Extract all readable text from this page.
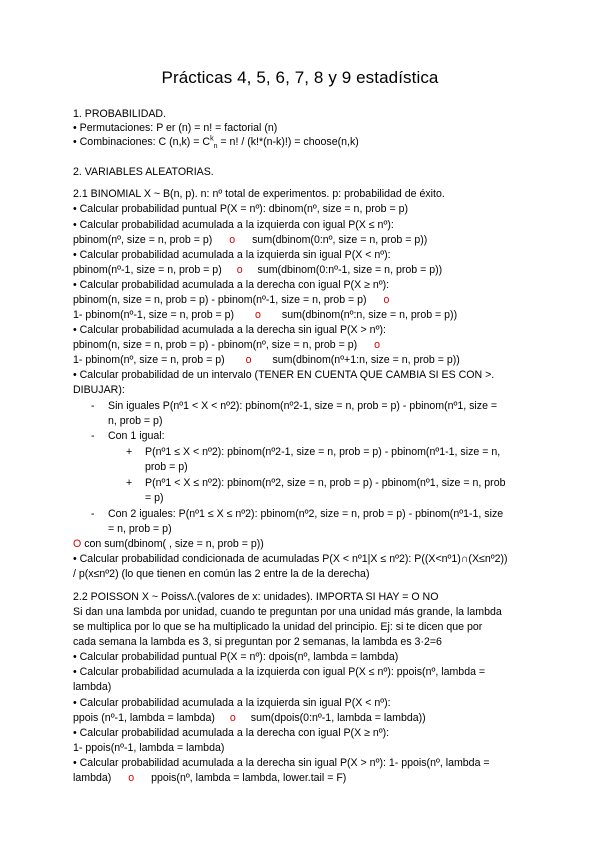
Prácticas 4, 5, 6, 7, 8 y 9 estadística
1. PROBABILIDAD.
• Permutaciones: P er (n) = n! = factorial (n)
• Combinaciones: C $(n,k) = C^k_n = n$! / (k!*(n-k)!) = choose(n,k)
2. VARIABLES ALEATORIAS.
2.1 BINOMIAL X ~ B(n, p). n: nº total de experimentos. p: probabilidad de éxito.
• Calcular probabilidad puntual P(X = nº): dbinom(nº, size = n, prob = p)
• Calcular probabilidad acumulada a la izquierda con igual P(X ≤ nº):
pbinom(nº, size = n, prob = p) o sum(dbinom(0:nº, size = n, prob = p))
• Calcular probabilidad acumulada a la izquierda sin igual P(X < nº):
pbinom(nº-1, size = n, prob = p) o sum(dbinom(0:nº-1, size = n, prob = p))
• Calcular probabilidad acumulada a la derecha con igual P(X ≥ nº):
pbinom(n, size = n, prob = p) - pbinom(nº-1, size = n, prob = p) o
1- pbinom(nº-1, size = n, prob = p) o sum(dbinom(nº:n, size = n, prob = p))
• Calcular probabilidad acumulada a la derecha sin igual P(X > nº):
pbinom(n, size = n, prob = p) - pbinom(nº, size = n, prob = p) o
1- pbinom(nº, size = n, prob = p) o sum(dbinom(nº+1:n, size = n, prob = p))
• Calcular probabilidad de un intervalo (TENER EN CUENTA QUE CAMBIA SI ES CON >.
DIBUJAR):
- Sin iguales P(nº1 < X < nº2): pbinom(nº2-1, size = n, prob = p) - pbinom(nº1, size =
n, prob = p)
- Con 1 igual:
+ P(nº1 ≤ X < nº2): pbinom(nº2-1, size = n, prob = p) - pbinom(nº1-1, size = n,
prob = p)
+ P(nº1 < X ≤ nº2): pbinom(nº2, size = n, prob = p) - pbinom(nº1, size = n, prob
= p)
- Con 2 iguales: P(nº1 ≤ X ≤ nº2): pbinom(nº2, size = n, prob = p) - pbinom(nº1-1, size
= n, prob = p)
O con sum(dbinom( , size = n, prob = p))
• Calcular probabilidad condicionada de acumuladas P(X < nº1|X ≤ nº2): P((X<nº1)∩(X≤nº2))
/ p(x≤nº2) (lo que tienen en común las 2 entre la de la derecha)
2.2 POISSON X ~ PoissΛ.(valores de x: unidades). IMPORTA SI HAY = O NO
Si dan una lambda por unidad, cuando te preguntan por una unidad más grande, la lambda
se multiplica por lo que se ha multiplicado la unidad del principio. Ej: si te dicen que por
cada semana la lambda es 3, si preguntan por 2 semanas, la lambda es 3·2=6
• Calcular probabilidad puntual P(X = nº): dpois(nº, lambda = lambda)
• Calcular probabilidad acumulada a la izquierda con igual P(X ≤ nº): ppois(nº, lambda =
lambda)
• Calcular probabilidad acumulada a la izquierda sin igual P(X < nº):
ppois (nº-1, lambda = lambda) o sum(dpois(0:nº-1, lambda = lambda))
• Calcular probabilidad acumulada a la derecha con igual P(X ≥ nº):
1- ppois(nº-1, lambda = lambda)
• Calcular probabilidad acumulada a la derecha sin igual P(X > nº): 1- ppois(nº, lambda =
lambda) o ppois(nº, lambda = lambda, lower.tail = F)
